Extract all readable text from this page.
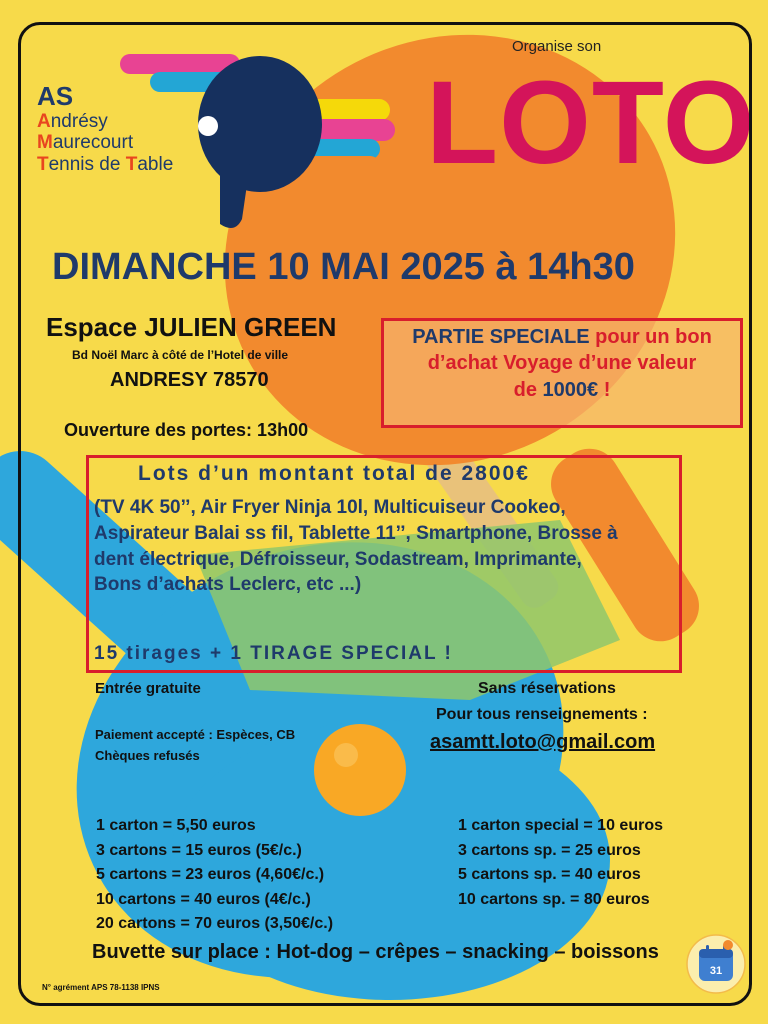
Organise son
LOTO
AS
Andrésy
Maurecourt
Tennis de Table
DIMANCHE 10 MAI 2025 à 14h30
Espace JULIEN GREEN
Bd Noël Marc à côté de l’Hotel de ville
ANDRESY 78570
PARTIE SPECIALE pour un bon
d’achat Voyage d’une valeur
de 1000€ !
Ouverture des portes: 13h00
Lots d’un montant total de 2800€
(TV 4K 50’’, Air Fryer Ninja 10l, Multicuiseur Cookeo,
Aspirateur Balai ss fil, Tablette 11’’, Smartphone, Brosse à
dent électrique, Défroisseur, Sodastream, Imprimante,
Bons d’achats Leclerc, etc ...)
15 tirages + 1 TIRAGE SPECIAL !
Entrée gratuite
Paiement accepté : Espèces, CB
Chèques refusés
Sans réservations
Pour tous renseignements :
asamtt.loto@gmail.com
1 carton = 5,50 euros
3 cartons = 15 euros (5€/c.)
5 cartons = 23 euros (4,60€/c.)
10 cartons = 40 euros (4€/c.)
20 cartons = 70 euros (3,50€/c.)
1 carton special = 10 euros
3 cartons sp. = 25 euros
5 cartons sp. = 40 euros
10 cartons sp. = 80 euros
Buvette sur place : Hot-dog – crêpes – snacking – boissons
N° agrément APS 78-1138 IPNS
31
